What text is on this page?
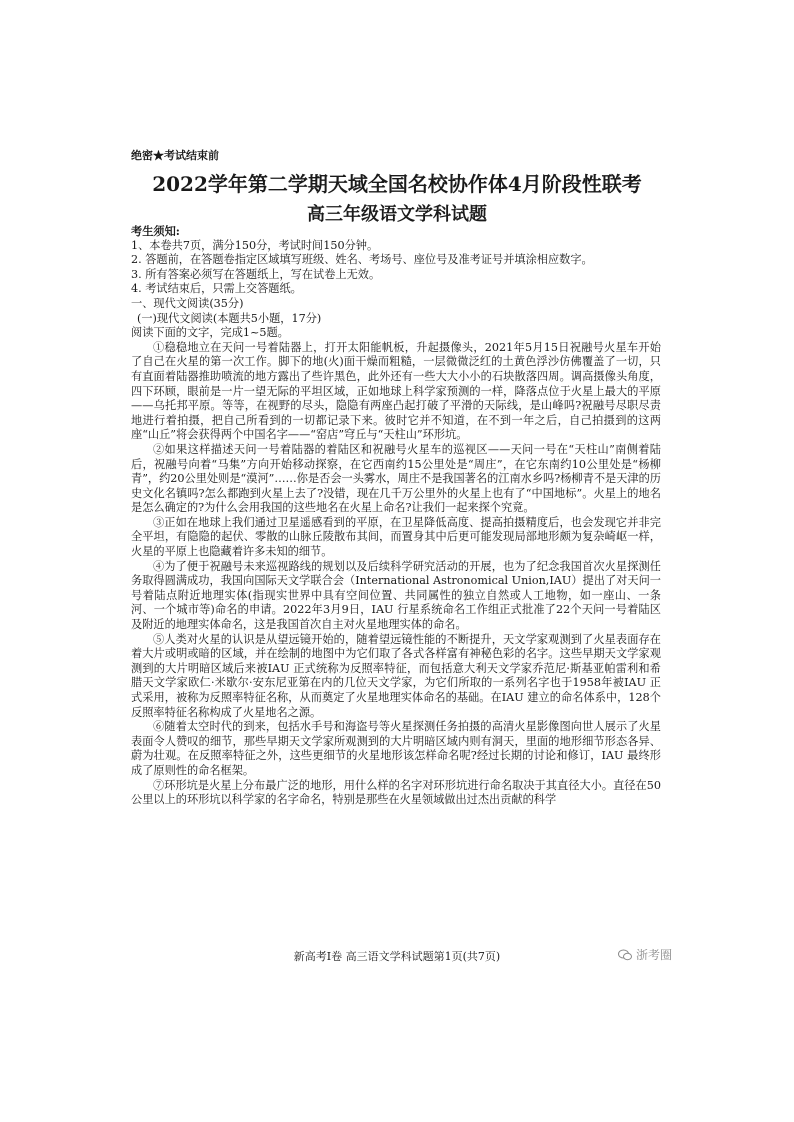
绝密★考试结束前
2022学年第二学期天域全国名校协作体4月阶段性联考
高三年级语文学科试题
考生须知:
1、本卷共7页，满分150分，考试时间150分钟。
2. 答题前，在答题卷指定区域填写班级、姓名、考场号、座位号及准考证号并填涂相应数字。
3. 所有答案必须写在答题纸上，写在试卷上无效。
4. 考试结束后，只需上交答题纸。
一、现代文阅读(35分)
(一)现代文阅读(本题共5小题，17分)
阅读下面的文字，完成1~5题。

①稳稳地立在天问一号着陆器上，打开太阳能帆板，升起摄像头，2021年5月15日祝融号火星车开始了自己在火星的第一次工作。脚下的地(火)面干燥而粗糙，一层微微泛红的土黄色浮沙仿佛覆盖了一切，只有直面着陆器推助喷流的地方露出了些许黑色，此外还有一些大大小小的石块散落四周。调高摄像头角度，四下环顾，眼前是一片一望无际的平坦区域，正如地球上科学家预测的一样，降落点位于火星上最大的平原——乌托邦平原。等等，在视野的尽头，隐隐有两座凸起打破了平滑的天际线，是山峰吗?祝融号尽职尽责地进行着拍摄，把自己所看到的一切都记录下来。彼时它并不知道，在不到一年之后，自己拍摄到的这两座“山丘”将会获得两个中国名字——“窑店”穹丘与“天柱山”环形坑。

②如果这样描述天问一号着陆器的着陆区和祝融号火星车的巡视区——天问一号在“天柱山”南侧着陆后，祝融号向着“马集”方向开始移动探察，在它西南约15公里处是“周庄”，在它东南约10公里处是“杨柳青”，约20公里处则是“漠河”……你是否会一头雾水，周庄不是我国著名的江南水乡吗?杨柳青不是天津的历史文化名镇吗?怎么都跑到火星上去了?没错，现在几千万公里外的火星上也有了“中国地标”。火星上的地名是怎么确定的?为什么会用我国的这些地名在火星上命名?让我们一起来探个究竟。

③正如在地球上我们通过卫星遥感看到的平原，在卫星降低高度、提高拍摄精度后，也会发现它并非完全平坦，有隐隐的起伏、零散的山脉丘陵散布其间，而置身其中后更可能发现局部地形颇为复杂崎岖一样，火星的平原上也隐藏着许多未知的细节。

④为了便于祝融号未来巡视路线的规划以及后续科学研究活动的开展，也为了纪念我国首次火星探测任务取得圆满成功，我国向国际天文学联合会（International Astronomical Union,IAU）提出了对天问一号着陆点附近地理实体(指现实世界中具有空间位置、共同属性的独立自然或人工地物，如一座山、一条河、一个城市等)命名的申请。2022年3月9日，IAU 行星系统命名工作组正式批准了22个天问一号着陆区及附近的地理实体命名，这是我国首次自主对火星地理实体的命名。

⑤人类对火星的认识是从望远镜开始的，随着望远镜性能的不断提升，天文学家观测到了火星表面存在着大片或明或暗的区域，并在绘制的地图中为它们取了各式各样富有神秘色彩的名字。这些早期天文学家观测到的大片明暗区域后来被IAU 正式统称为反照率特征，而包括意大利天文学家乔范尼·斯基亚帕雷利和希腊天文学家欧仁·米歇尔·安东尼亚第在内的几位天文学家，为它们所取的一系列名字也于1958年被IAU 正式采用，被称为反照率特征名称，从而奠定了火星地理实体命名的基础。在IAU 建立的命名体系中，128个反照率特征名称构成了火星地名之源。

⑥随着太空时代的到来，包括水手号和海盗号等火星探测任务拍摄的高清火星影像图向世人展示了火星表面令人赞叹的细节，那些早期天文学家所观测到的大片明暗区域内则有洞天，里面的地形细节形态各异、蔚为壮观。在反照率特征之外，这些更细节的火星地形该怎样命名呢?经过长期的讨论和修订，IAU 最终形成了原则性的命名框架。

⑦环形坑是火星上分布最广泛的地形，用什么样的名字对环形坑进行命名取决于其直径大小。直径在50公里以上的环形坑以科学家的名字命名，特别是那些在火星领域做出过杰出贡献的科学

新高考Ⅰ卷 高三语文学科试题第1页(共7页)	浙考圈
